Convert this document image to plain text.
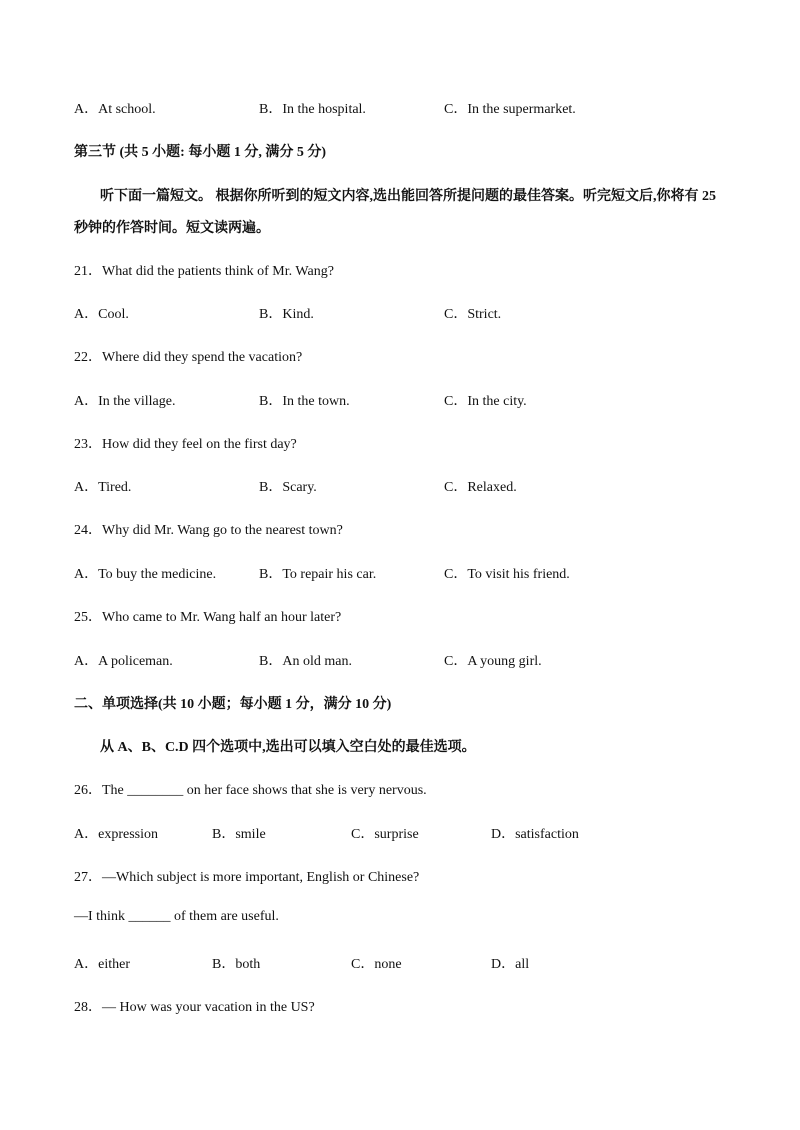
A．At school.	B．In the hospital.	C．In the supermarket.
第三节 (共 5 小题: 每小题 1 分, 满分 5 分)
听下面一篇短文。 根据你所听到的短文内容,选出能回答所提问题的最佳答案。听完短文后,你将有 25
秒钟的作答时间。短文读两遍。
21．What did the patients think of Mr. Wang?
A．Cool.	B．Kind.	C．Strict.
22．Where did they spend the vacation?
A．In the village.	B．In the town.	C．In the city.
23．How did they feel on the first day?
A．Tired.	B．Scary.	C．Relaxed.
24．Why did Mr. Wang go to the nearest town?
A．To buy the medicine.	B．To repair his car.	C．To visit his friend.
25．Who came to Mr. Wang half an hour later?
A．A policeman.	B．An old man.	C．A young girl.
二、单项选择(共 10 小题；每小题 1 分，满分 10 分)
从 A、B、C.D 四个选项中,选出可以填入空白处的最佳选项。
26．The ________ on her face shows that she is very nervous.
A．expression	B．smile	C．surprise	D．satisfaction
27．—Which subject is more important, English or Chinese?
—I think ______ of them are useful.
A．either	B．both	C．none	D．all
28．— How was your vacation in the US?
